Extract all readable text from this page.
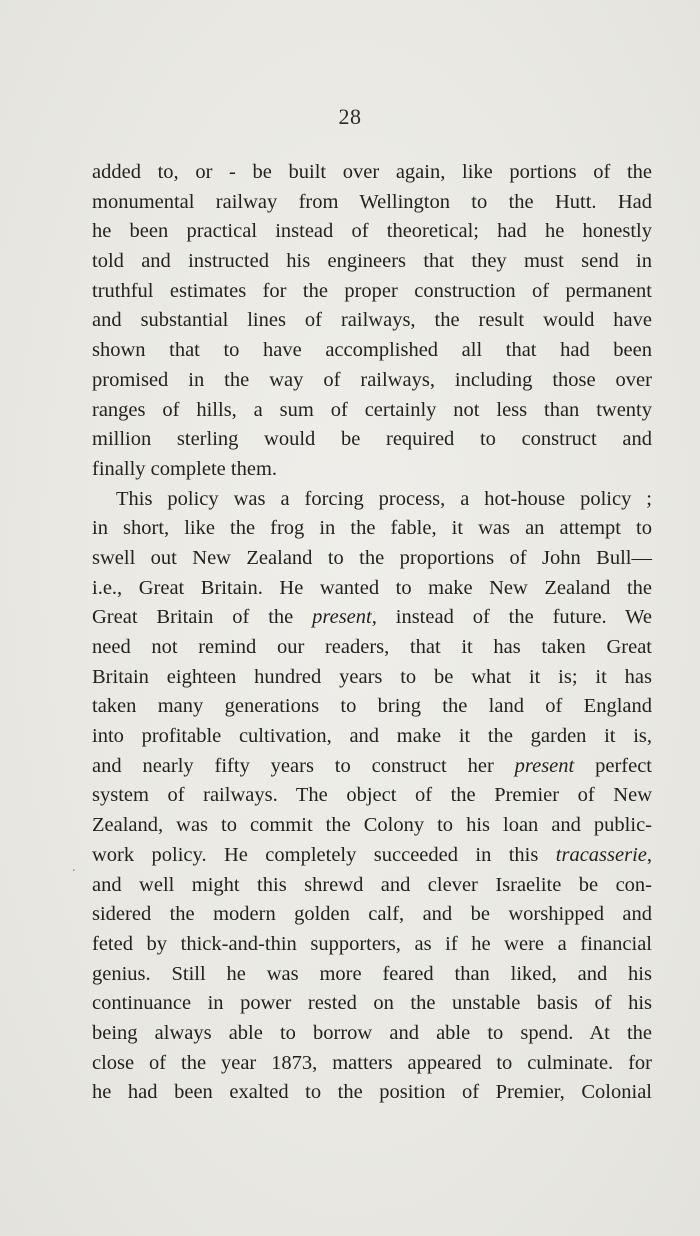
28
.
added to, or - be built over again, like portions of the
monumental railway from Wellington to the Hutt. Had
he been practical instead of theoretical; had he honestly
told and instructed his engineers that they must send in
truthful estimates for the proper construction of permanent
and substantial lines of railways, the result would have
shown that to have accomplished all that had been
promised in the way of railways, including those over
ranges of hills, a sum of certainly not less than twenty
million sterling would be required to construct and
finally complete them.
This policy was a forcing process, a hot-house policy ;
in short, like the frog in the fable, it was an attempt to
swell out New Zealand to the proportions of John Bull—
i.e., Great Britain. He wanted to make New Zealand the
Great Britain of the present, instead of the future. We
need not remind our readers, that it has taken Great
Britain eighteen hundred years to be what it is; it has
taken many generations to bring the land of England
into profitable cultivation, and make it the garden it is,
and nearly fifty years to construct her present perfect
system of railways. The object of the Premier of New
Zealand, was to commit the Colony to his loan and public-
work policy. He completely succeeded in this tracasserie,
and well might this shrewd and clever Israelite be con-
sidered the modern golden calf, and be worshipped and
feted by thick-and-thin supporters, as if he were a financial
genius. Still he was more feared than liked, and his
continuance in power rested on the unstable basis of his
being always able to borrow and able to spend. At the
close of the year 1873, matters appeared to culminate. for
he had been exalted to the position of Premier, Colonial
